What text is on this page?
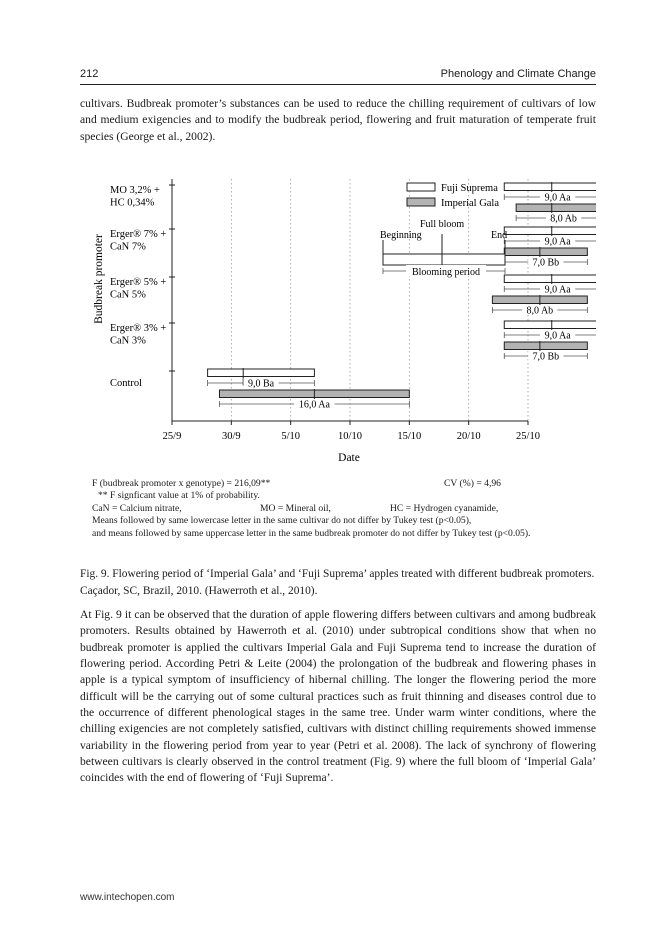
212	Phenology and Climate Change

cultivars. Budbreak promoter’s substances can be used to reduce the chilling requirement of cultivars of low and medium exigencies and to modify the budbreak period, flowering and fruit maturation of temperate fruit species (George et al., 2002).

9,0 Aa
8,0 Ab
9,0 Aa
7,0 Bb
9,0 Aa
8,0 Ab
9,0 Aa
7,0 Bb
9,0 Ba
16,0 Aa
MO 3,2% +
HC 0,34%
Erger® 7% +
CaN 7%
Erger® 5% +
CaN 5%
Erger® 3% +
CaN 3%
Control
25/9	30/9	5/10	10/10	15/10	20/10	25/10
Fuji Suprema
Imperial Gala
Blooming period
Beginning
Full bloom
End
Budbreak promoter
Date
F (budbreak promoter x genotype) = 216,09**	CV (%) = 4,96
** F signficant value at 1% of probability.
CaN = Calcium nitrate,	MO = Mineral oil,	HC = Hydrogen cyanamide,
Means followed by same lowercase letter in the same cultivar do not differ by Tukey test (p<0.05),
and means followed by same uppercase letter in the same budbreak promoter do not differ by Tukey test (p<0.05).

Fig. 9. Flowering period of ‘Imperial Gala’ and ‘Fuji Suprema’ apples treated with different budbreak promoters. Caçador, SC, Brazil, 2010. (Hawerroth et al., 2010).

At Fig. 9 it can be observed that the duration of apple flowering differs between cultivars and among budbreak promoters. Results obtained by Hawerroth et al. (2010) under subtropical conditions show that when no budbreak promoter is applied the cultivars Imperial Gala and Fuji Suprema tend to increase the duration of flowering period. According Petri & Leite (2004) the prolongation of the budbreak and flowering phases in apple is a typical symptom of insufficiency of hibernal chilling. The longer the flowering period the more difficult will be the carrying out of some cultural practices such as fruit thinning and diseases control due to the occurrence of different phenological stages in the same tree. Under warm winter conditions, where the chilling exigencies are not completely satisfied, cultivars with distinct chilling requirements showed immense variability in the flowering period from year to year (Petri et al. 2008). The lack of synchrony of flowering between cultivars is clearly observed in the control treatment (Fig. 9) where the full bloom of ‘Imperial Gala’ coincides with the end of flowering of ‘Fuji Suprema’.

www.intechopen.com
